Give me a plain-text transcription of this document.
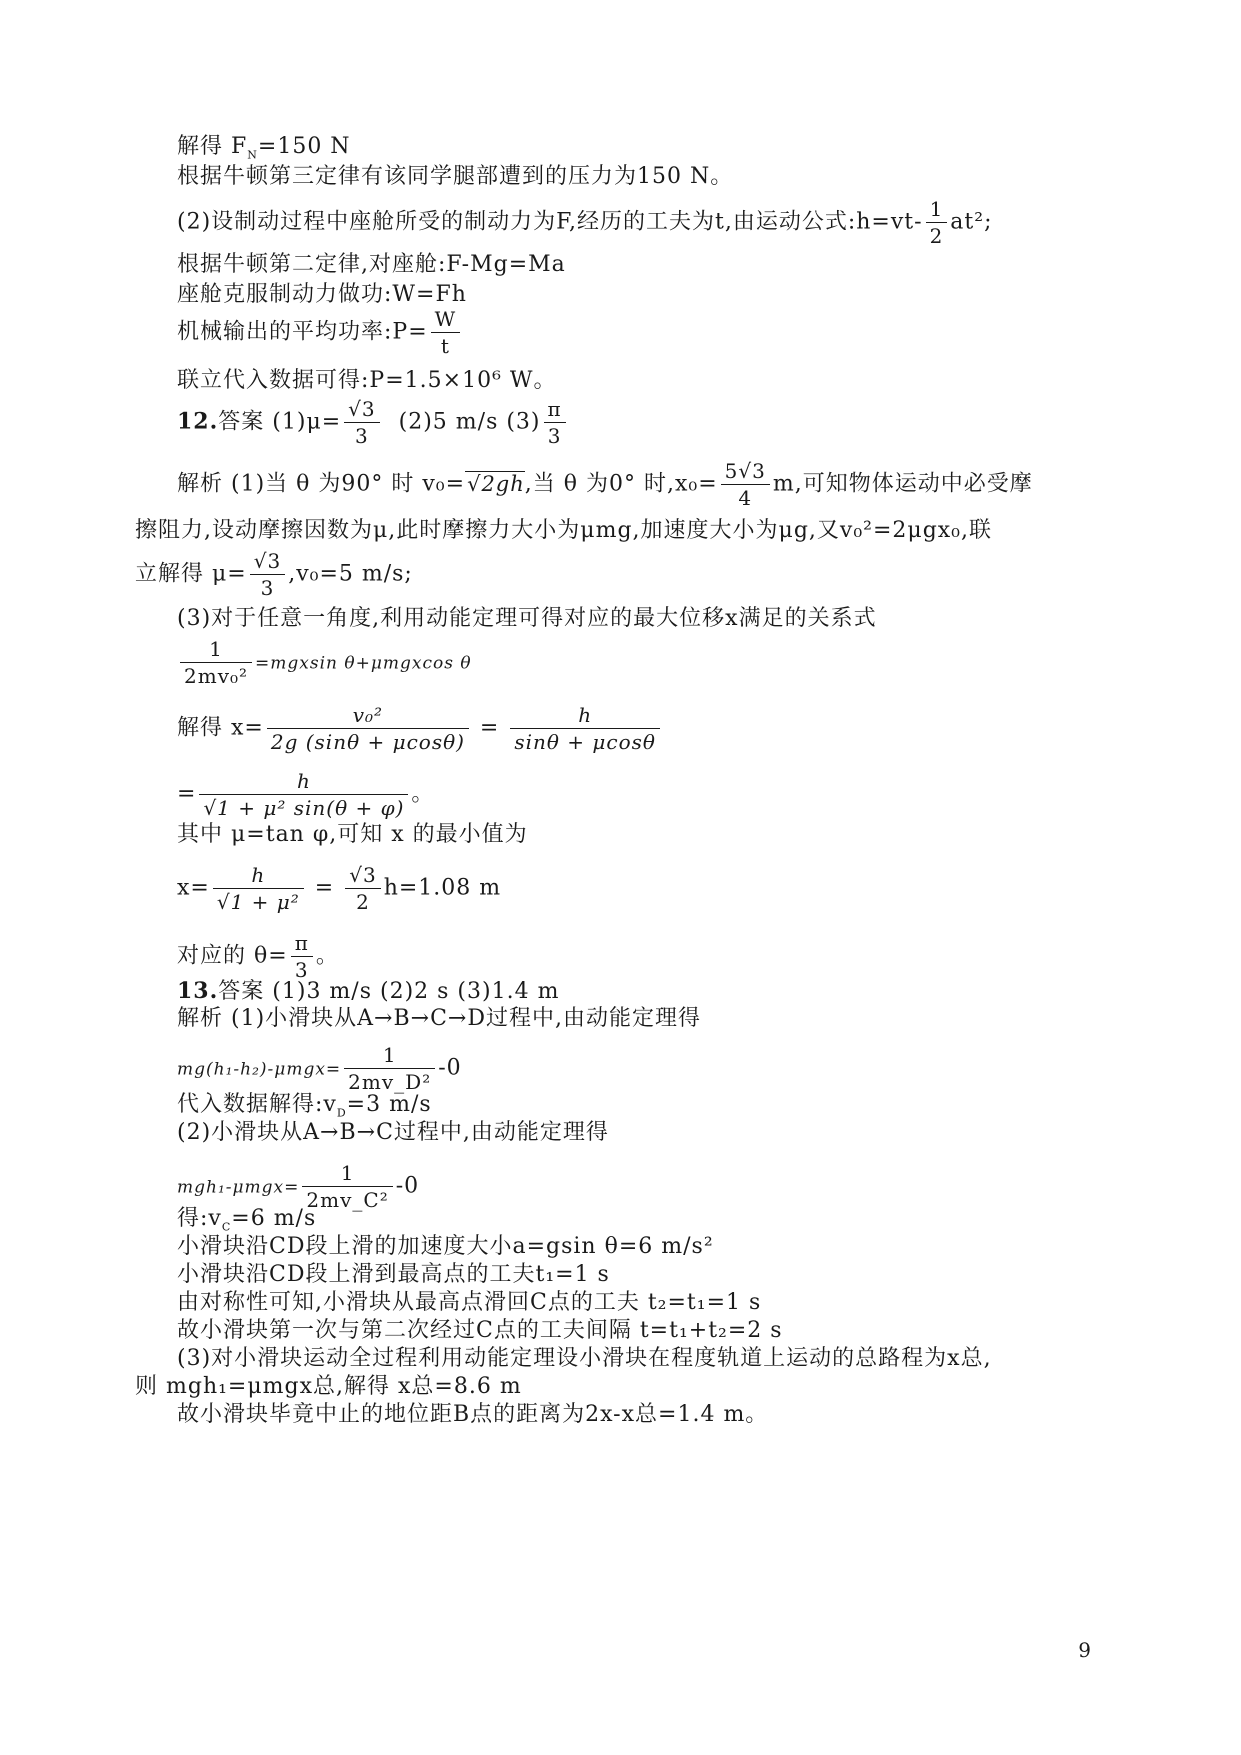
解得 $F_N=150$ N
根据牛顿第三定律有该同学腿部遭到的压力为150 N。
(2)设制动过程中座舱所受的制动力为F,经历的工夫为t,由运动公式:h=vt- $\frac{1}{2} at^2$;
根据牛顿第二定律,对座舱:F-Mg=Ma
座舱克服制动力做功:W=Fh
机械输出的平均功率:P= $\frac{W}{t}$
联立代入数据可得:P=1.5×10⁶ W。
12.答案 $(1)\mu= \frac{√3}{3} (2)5$ m/s $(3) \frac{\pi}{3}$
解析 (1)当 θ 为90° 时 v₀=√2gh,当 θ 为0° 时$,x_0= \frac{5√3}{4} m$,可知物体运动中必受摩
擦阻力,设动摩擦因数为μ,此时摩擦力大小为μmg,加速度大小为μg,又v₀²=2μgx₀,联
立解得 $\mu= \frac{√3}{3} ,v_0=5$ m/s;
(3)对于任意一角度,利用动能定理可得对应的最大位移x满足的关系式
$\frac{1}{\text{2mv₀²}} =mgxsin$ θ+μmgxcos θ
解得 $x= \frac{\text{v₀²}}{2g (\sin\theta + \mu\cos\theta)} = \frac{h}{\sin\theta + \mu\cos\theta}$
= $\frac{h}{\text{√1 + μ² sin(θ + φ)}}$ 。
其中 μ=tan φ,可知 x 的最小值为
$x= \frac{h}{\text{√1 + μ²}} = \frac{√3}{2} h=1.08$ m
对应的 $\theta= \frac{\pi}{3}$ 。
13.答案 (1)3 m/s (2)2 s (3)1.4 m
解析 (1)小滑块从A→B→C→D过程中,由动能定理得
$mg(h_1-h_2)-\mu mgx= \frac{1}{\text{2mv\_D²}} -0$
代入数据解得$:v_D=3$ m/s
(2)小滑块从A→B→C过程中,由动能定理得
$mgh_1-\mu mgx= \frac{1}{\text{2mv\_C²}} -0$
得$:v_C=6$ m/s
小滑块沿CD段上滑的加速度大小a=gsin θ=6 m/s²
小滑块沿CD段上滑到最高点的工夫t₁=1 s
由对称性可知,小滑块从最高点滑回C点的工夫 t₂=t₁=1 s
故小滑块第一次与第二次经过C点的工夫间隔 t=t₁+t₂=2 s
(3)对小滑块运动全过程利用动能定理设小滑块在程度轨道上运动的总路程为x总,
则 mgh₁=μmgx总,解得 x总=8.6 m
故小滑块毕竟中止的地位距B点的距离为2x-x总=1.4 m。
9
